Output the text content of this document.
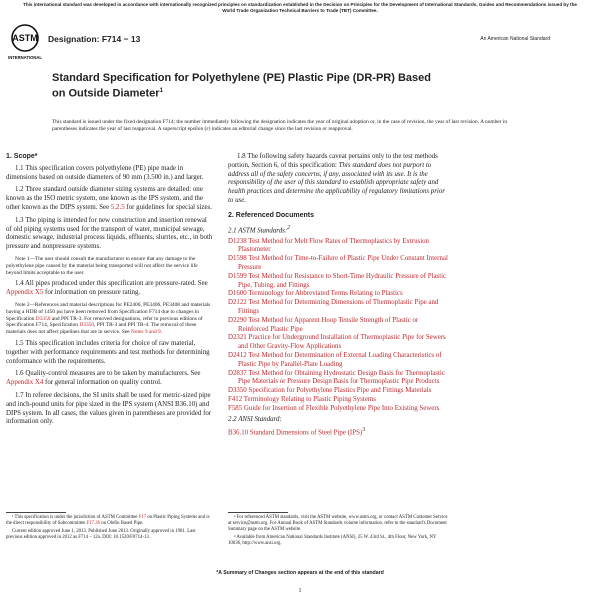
This international standard was developed in accordance with internationally recognized principles on standardization established in the Decision on Principles for the Development of International Standards, Guides and Recommendations issued by the World Trade Organization Technical Barriers to Trade (TBT) Committee.
ASTM
INTERNATIONAL
Designation: F714 − 13	An American National Standard
Standard Specification for Polyethylene (PE) Plastic Pipe (DR-PR) Based on Outside Diameter$^1$
This standard is issued under the fixed designation F714; the number immediately following the designation indicates the year of original adoption or, in the case of revision, the year of last revision. A number in parentheses indicates the year of last reapproval. A superscript epsilon (ε) indicates an editorial change since the last revision or reapproval.
1. Scope*

1.1 This specification covers polyethylene (PE) pipe made in dimensions based on outside diameters of 90 mm (3.500 in.) and larger.

1.2 Three standard outside diameter sizing systems are detailed: one known as the ISO metric system, one known as the IPS system, and the other known as the DIPS system. See 5.2.5 for guidelines for special sizes.

1.3 The piping is intended for new construction and insertion renewal of old piping systems used for the transport of water, municipal sewage, domestic sewage, industrial process liquids, effluents, slurries, etc., in both pressure and nonpressure systems.

Note 1—The user should consult the manufacturer to ensure that any damage to the polyethylene pipe caused by the material being transported will not affect the service life beyond limits acceptable to the user.

1.4 All pipes produced under this specification are pressure-rated. See Appendix X5 for information on pressure rating.

Note 2—References and material descriptions for PE2406, PE3406, PE3408 and materials having a HDB of 1450 psi have been removed from Specification F714 due to changes in Specification D3350 and PPI TR-3. For removed designations, refer to previous editions of Specification F714, Specification D3350, PPI TR-3 and PPI TR-4. The removal of these materials does not affect pipelines that are in service. See Notes 9 and 9.

1.5 This specification includes criteria for choice of raw material, together with performance requirements and test methods for determining conformance with the requirements.

1.6 Quality-control measures are to be taken by manufacturers. See Appendix X4 for general information on quality control.

1.7 In referee decisions, the SI units shall be used for metric-sized pipe and inch-pound units for pipe sized in the IPS system (ANSI B36.10) and DIPS system. In all cases, the values given in parentheses are provided for information only.

1.8 The following safety hazards caveat pertains only to the test methods portion, Section 6, of this specification: This standard does not purport to address all of the safety concerns, if any, associated with its use. It is the responsibility of the user of this standard to establish appropriate safety and health practices and determine the applicability of regulatory limitations prior to use.

2. Referenced Documents
2.1 ASTM Standards:$^2$
D1238 Test Method for Melt Flow Rates of Thermoplastics by Extrusion Plastometer
D1598 Test Method for Time-to-Failure of Plastic Pipe Under Constant Internal Pressure
D1599 Test Method for Resistance to Short-Time Hydraulic Pressure of Plastic Pipe, Tubing, and Fittings
D1600 Terminology for Abbreviated Terms Relating to Plastics
D2122 Test Method for Determining Dimensions of Thermoplastic Pipe and Fittings
D2290 Test Method for Apparent Hoop Tensile Strength of Plastic or Reinforced Plastic Pipe
D2321 Practice for Underground Installation of Thermoplastic Pipe for Sewers and Other Gravity-Flow Applications
D2412 Test Method for Determination of External Loading Characteristics of Plastic Pipe by Parallel-Plate Loading
D2837 Test Method for Obtaining Hydrostatic Design Basis for Thermoplastic Pipe Materials or Pressure Design Basis for Thermoplastic Pipe Products
D3350 Specification for Polyethylene Plastics Pipe and Fittings Materials
F412 Terminology Relating to Plastic Piping Systems
F585 Guide for Insertion of Flexible Polyethylene Pipe Into Existing Sewers
2.2 ANSI Standard:
B36.10 Standard Dimensions of Steel Pipe (IPS)$^3$

¹ This specification is under the jurisdiction of ASTM Committee F17 on Plastic Piping Systems and is the direct responsibility of Subcommittee F17.26 on Olefin Based Pipe.

Current edition approved June 1, 2013. Published June 2013. Originally approved in 1981. Last previous edition approved in 2012 as F714 – 12a. DOI: 10.1520/F0714-13.

² For referenced ASTM standards, visit the ASTM website, www.astm.org, or contact ASTM Customer Service at service@astm.org. For Annual Book of ASTM Standards volume information, refer to the standard's Document Summary page on the ASTM website.

³ Available from American National Standards Institute (ANSI), 25 W. 43rd St., 4th Floor, New York, NY 10036, http://www.ansi.org.

*A Summary of Changes section appears at the end of this standard
1
